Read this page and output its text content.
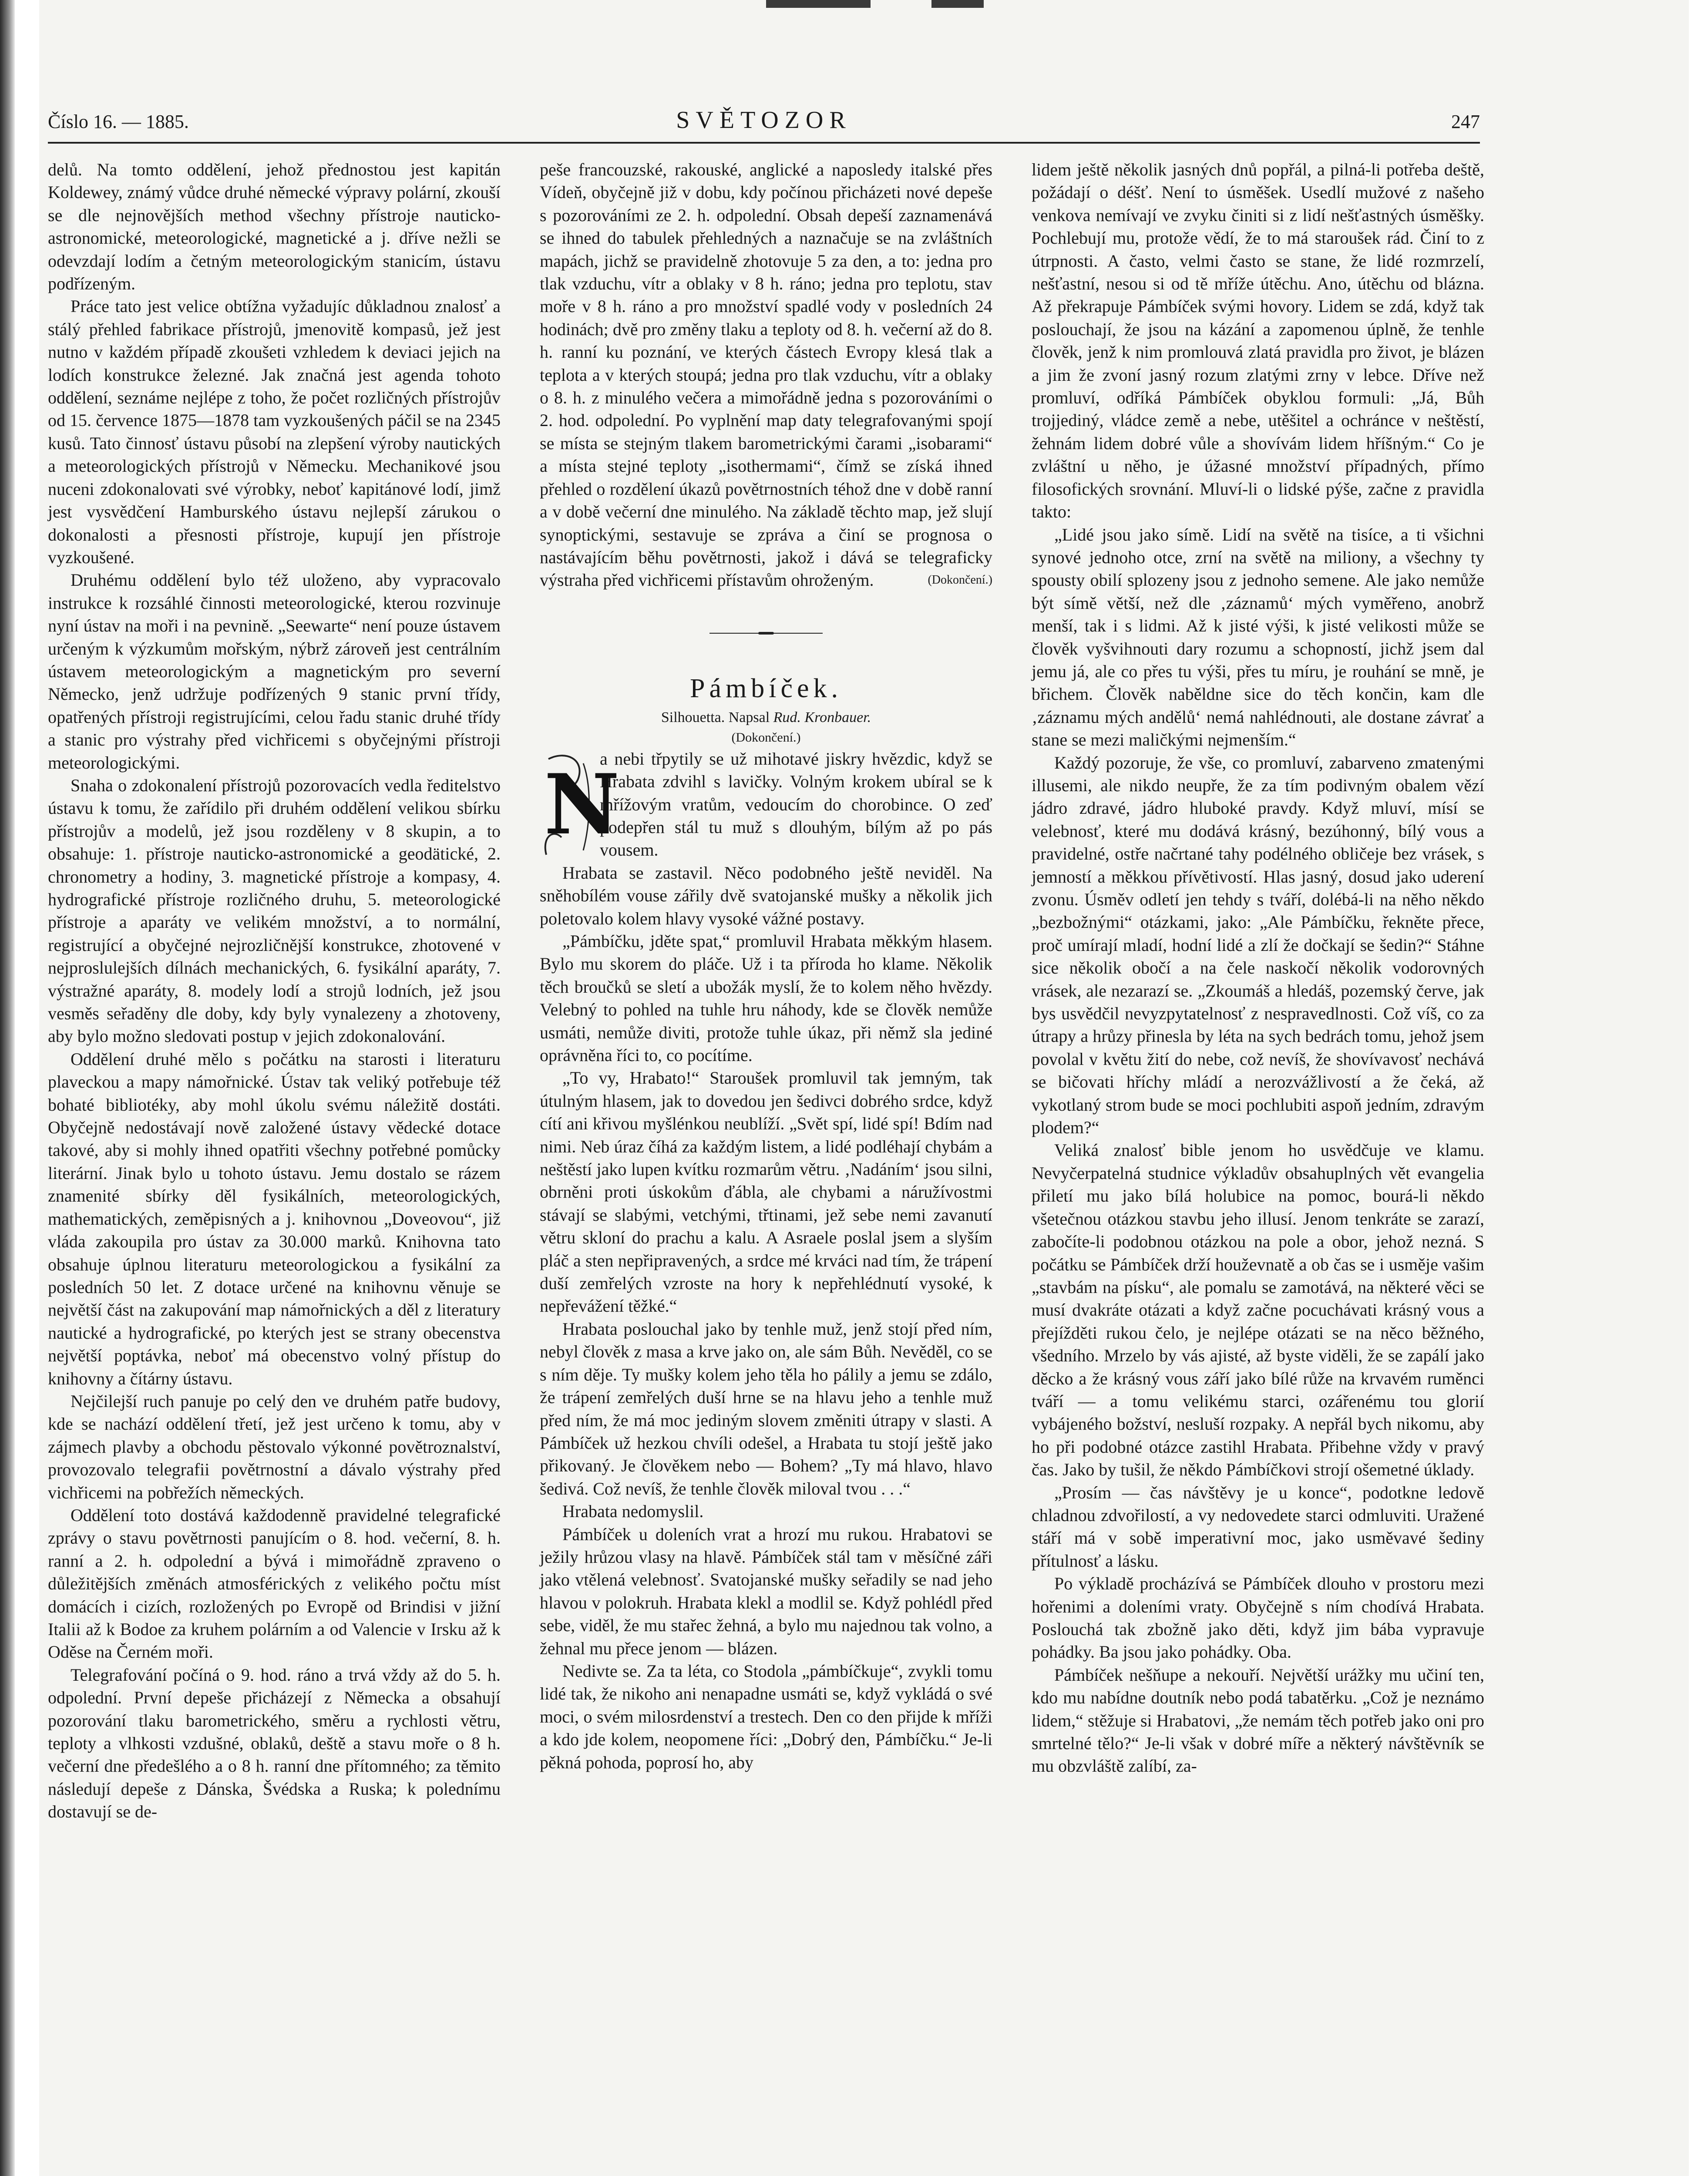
Číslo 16. — 1885.	SVĚTOZOR	247

delů. Na tomto oddělení, jehož přednostou jest kapitán Koldewey, známý vůdce druhé německé výpravy polární, zkouší se dle nejnovějších method všechny přístroje nauticko-astronomické, meteorologické, magnetické a j. dříve nežli se odevzdají lodím a četným meteorologickým stanicím, ústavu podřízeným.

Práce tato jest velice obtížna vyžadujíc důkladnou znalosť a stálý přehled fabrikace přístrojů, jmenovitě kompasů, jež jest nutno v každém případě zkoušeti vzhledem k deviaci jejich na lodích konstrukce železné. Jak značná jest agenda tohoto oddělení, seznáme nejlépe z toho, že počet rozličných přístrojův od 15. července 1875—1878 tam vyzkoušených páčil se na 2345 kusů. Tato činnosť ústavu působí na zlepšení výroby nautických a meteorologických přístrojů v Německu. Mechanikové jsou nuceni zdokonalovati své výrobky, neboť kapitánové lodí, jimž jest vysvědčení Hamburského ústavu nejlepší zárukou o dokonalosti a přesnosti přístroje, kupují jen přístroje vyzkoušené.

Druhému oddělení bylo též uloženo, aby vypracovalo instrukce k rozsáhlé činnosti meteorologické, kterou rozvinuje nyní ústav na moři i na pevnině. „Seewarte“ není pouze ústavem určeným k výzkumům mořským, nýbrž zároveň jest centrálním ústavem meteorologickým a magnetickým pro severní Německo, jenž udržuje podřízených 9 stanic první třídy, opatřených přístroji registrujícími, celou řadu stanic druhé třídy a stanic pro výstrahy před vichřicemi s obyčejnými přístroji meteorologickými.

Snaha o zdokonalení přístrojů pozorovacích vedla ředitelstvo ústavu k tomu, že zařídilo při druhém oddělení velikou sbírku přístrojův a modelů, jež jsou rozděleny v 8 skupin, a to obsahuje: 1. přístroje nauticko-astronomické a geodätické, 2. chronometry a hodiny, 3. magnetické přístroje a kompasy, 4. hydrografické přístroje rozličného druhu, 5. meteorologické přístroje a aparáty ve velikém množství, a to normální, registrující a obyčejné nejrozličnější konstrukce, zhotovené v nejproslulejších dílnách mechanických, 6. fysikální aparáty, 7. výstražné aparáty, 8. modely lodí a strojů lodních, jež jsou vesměs seřaděny dle doby, kdy byly vynalezeny a zhotoveny, aby bylo možno sledovati postup v jejich zdokonalování.

Oddělení druhé mělo s počátku na starosti i literaturu plaveckou a mapy námořnické. Ústav tak veliký potřebuje též bohaté bibliotéky, aby mohl úkolu svému náležitě dostáti. Obyčejně nedostávají nově založené ústavy vědecké dotace takové, aby si mohly ihned opatřiti všechny potřebné pomůcky literární. Jinak bylo u tohoto ústavu. Jemu dostalo se rázem znamenité sbírky děl fysikálních, meteorologických, mathematických, zeměpisných a j. knihovnou „Doveovou“, již vláda zakoupila pro ústav za 30.000 marků. Knihovna tato obsahuje úplnou literaturu meteorologickou a fysikální za posledních 50 let. Z dotace určené na knihovnu věnuje se největší část na zakupování map námořnických a děl z literatury nautické a hydrografické, po kterých jest se strany obecenstva největší poptávka, neboť má obecenstvo volný přístup do knihovny a čítárny ústavu.

Nejčilejší ruch panuje po celý den ve druhém patře budovy, kde se nachází oddělení třetí, jež jest určeno k tomu, aby v zájmech plavby a obchodu pěstovalo výkonné povětroznalství, provozovalo telegrafii povětrnostní a dávalo výstrahy před vichřicemi na pobřežích německých.

Oddělení toto dostává každodenně pravidelné telegrafické zprávy o stavu povětrnosti panujícím o 8. hod. večerní, 8. h. ranní a 2. h. odpolední a bývá i mimořádně zpraveno o důležitějších změnách atmosférických z velikého počtu míst domácích i cizích, rozložených po Evropě od Brindisi v jižní Italii až k Bodoe za kruhem polárním a od Valencie v Irsku až k Oděse na Černém moři.

Telegrafování počíná o 9. hod. ráno a trvá vždy až do 5. h. odpolední. První depeše přicházejí z Německa a obsahují pozorování tlaku barometrického, směru a rychlosti větru, teploty a vlhkosti vzdušné, oblaků, deště a stavu moře o 8 h. večerní dne předešlého a o 8 h. ranní dne přítomného; za těmito následují depeše z Dánska, Švédska a Ruska; k polednímu dostavují se de-

peše francouzské, rakouské, anglické a naposledy italské přes Vídeň, obyčejně již v dobu, kdy počínou přicházeti nové depeše s pozorováními ze 2. h. odpolední. Obsah depeší zaznamenává se ihned do tabulek přehledných a naznačuje se na zvláštních mapách, jichž se pravidelně zhotovuje 5 za den, a to: jedna pro tlak vzduchu, vítr a oblaky v 8 h. ráno; jedna pro teplotu, stav moře v 8 h. ráno a pro množství spadlé vody v posledních 24 hodinách; dvě pro změny tlaku a teploty od 8. h. večerní až do 8. h. ranní ku poznání, ve kterých částech Evropy klesá tlak a teplota a v kterých stoupá; jedna pro tlak vzduchu, vítr a oblaky o 8. h. z minulého večera a mimořádně jedna s pozorováními o 2. hod. odpolední. Po vyplnění map daty telegrafovanými spojí se místa se stejným tlakem barometrickými čarami „isobarami“ a místa stejné teploty „isothermami“, čímž se získá ihned přehled o rozdělení úkazů povětrnostních téhož dne v době ranní a v době večerní dne minulého. Na základě těchto map, jež slují synoptickými, sestavuje se zpráva a činí se prognosa o nastávajícím běhu povětrnosti, jakož i dává se telegraficky výstraha před vichřicemi přístavům ohroženým.	(Dokončení.)

Pámbíček.

Silhouetta. Napsal Rud. Kronbauer.

(Dokončení.)

N
a nebi třpytily se už mihotavé jiskry hvězdic, když se Hrabata zdvihl s lavičky. Volným krokem ubíral se k mřížovým vratům, vedoucím do chorobince. O zeď podepřen stál tu muž s dlouhým, bílým až po pás vousem.

Hrabata se zastavil. Něco podobného ještě neviděl. Na sněhobílém vouse zářily dvě svatojanské mušky a několik jich poletovalo kolem hlavy vysoké vážné postavy.

„Pámbíčku, jděte spat,“ promluvil Hrabata měkkým hlasem. Bylo mu skorem do pláče. Už i ta příroda ho klame. Několik těch broučků se sletí a ubožák myslí, že to kolem něho hvězdy. Velebný to pohled na tuhle hru náhody, kde se člověk nemůže usmáti, nemůže diviti, protože tuhle úkaz, při němž sla jediné oprávněna říci to, co pocítíme.

„To vy, Hrabato!“ Staroušek promluvil tak jemným, tak útulným hlasem, jak to dovedou jen šedivci dobrého srdce, když cítí ani křivou myšlénkou neublíží. „Svět spí, lidé spí! Bdím nad nimi. Neb úraz číhá za každým listem, a lidé podléhají chybám a neštěstí jako lupen kvítku rozmarům větru. ‚Nadáním‘ jsou silni, obrněni proti úskokům ďábla, ale chybami a náružívostmi stávají se slabými, vetchými, třtinami, jež sebe nemi zavanutí větru skloní do prachu a kalu. A Asraele poslal jsem a slyším pláč a sten nepřipravených, a srdce mé krváci nad tím, že trápení duší zemřelých vzroste na hory k nepřehlédnutí vysoké, k nepřevážení těžké.“

Hrabata poslouchal jako by tenhle muž, jenž stojí před ním, nebyl člověk z masa a krve jako on, ale sám Bůh. Nevěděl, co se s ním děje. Ty mušky kolem jeho těla ho pálily a jemu se zdálo, že trápení zemřelých duší hrne se na hlavu jeho a tenhle muž před ním, že má moc jediným slovem změniti útrapy v slasti. A Pámbíček už hezkou chvíli odešel, a Hrabata tu stojí ještě jako přikovaný. Je člověkem nebo — Bohem? „Ty má hlavo, hlavo šedivá. Což nevíš, že tenhle člověk miloval tvou . . .“

Hrabata nedomyslil.

Pámbíček u doleních vrat a hrozí mu rukou. Hrabatovi se ježily hrůzou vlasy na hlavě. Pámbíček stál tam v měsíčné záři jako vtělená velebnosť. Svatojanské mušky seřadily se nad jeho hlavou v polokruh. Hrabata klekl a modlil se. Když pohlédl před sebe, viděl, že mu stařec žehná, a bylo mu najednou tak volno, a žehnal mu přece jenom — blázen.

Nedivte se. Za ta léta, co Stodola „pámbíčkuje“, zvykli tomu lidé tak, že nikoho ani nenapadne usmáti se, když vykládá o své moci, o svém milosrdenství a trestech. Den co den přijde k mříži a kdo jde kolem, neopomene říci: „Dobrý den, Pámbíčku.“ Je-li pěkná pohoda, poprosí ho, aby

lidem ještě několik jasných dnů popřál, a pilná-li potřeba deště, požádají o déšť. Není to úsměšek. Usedlí mužové z našeho venkova nemívají ve zvyku činiti si z lidí nešťastných úsměšky. Pochlebují mu, protože vědí, že to má staroušek rád. Činí to z útrpnosti. A často, velmi často se stane, že lidé rozmrzelí, nešťastní, nesou si od tě mříže útěchu. Ano, útěchu od blázna. Až překrapuje Pámbíček svými hovory. Lidem se zdá, když tak poslouchají, že jsou na kázání a zapomenou úplně, že tenhle člověk, jenž k nim promlouvá zlatá pravidla pro život, je blázen a jim že zvoní jasný rozum zlatými zrny v lebce. Dříve než promluví, odříká Pámbíček obyklou formuli: „Já, Bůh trojjediný, vládce země a nebe, utěšitel a ochránce v neštěstí, žehnám lidem dobré vůle a shovívám lidem hříšným.“ Co je zvláštní u něho, je úžasné množství případných, přímo filosofických srovnání. Mluví-li o lidské pýše, začne z pravidla takto:

„Lidé jsou jako símě. Lidí na světě na tisíce, a ti všichni synové jednoho otce, zrní na světě na miliony, a všechny ty spousty obilí splozeny jsou z jednoho semene. Ale jako nemůže být símě větší, než dle ‚záznamů‘ mých vyměřeno, anobrž menší, tak i s lidmi. Až k jisté výši, k jisté velikosti může se člověk vyšvihnouti dary rozumu a schopností, jichž jsem dal jemu já, ale co přes tu výši, přes tu míru, je rouhání se mně, je břichem. Člověk naběldne sice do těch končin, kam dle ‚záznamu mých andělů‘ nemá nahlédnouti, ale dostane závrať a stane se mezi maličkými nejmenším.“

Každý pozoruje, že vše, co promluví, zabarveno zmatenými illusemi, ale nikdo neupře, že za tím podivným obalem vězí jádro zdravé, jádro hluboké pravdy. Když mluví, mísí se velebnosť, které mu dodává krásný, bezúhonný, bílý vous a pravidelné, ostře načrtané tahy podélného obličeje bez vrásek, s jemností a měkkou přívětivostí. Hlas jasný, dosud jako uderení zvonu. Úsměv odletí jen tehdy s tváří, dolébá-li na něho někdo „bezbožnými“ otázkami, jako: „Ale Pámbíčku, řekněte přece, proč umírají mladí, hodní lidé a zlí že dočkají se šedin?“ Stáhne sice několik obočí a na čele naskočí několik vodorovných vrásek, ale nezarazí se. „Zkoumáš a hledáš, pozemský červe, jak bys usvědčil nevyzpytatelnosť z nespravedlnosti. Což víš, co za útrapy a hrůzy přinesla by léta na sych bedrách tomu, jehož jsem povolal v květu žití do nebe, což nevíš, že shovívavosť nechává se bičovati hříchy mládí a nerozvážlivostí a že čeká, až vykotlaný strom bude se moci pochlubiti aspoň jedním, zdravým plodem?“

Veliká znalosť bible jenom ho usvědčuje ve klamu. Nevyčerpatelná studnice výkladův obsahuplných vět evangelia přiletí mu jako bílá holubice na pomoc, bourá-li někdo všetečnou otázkou stavbu jeho illusí. Jenom tenkráte se zarazí, zabočíte-li podobnou otázkou na pole a obor, jehož nezná. S počátku se Pámbíček drží houževnatě a ob čas se i usměje vašim „stavbám na písku“, ale pomalu se zamotává, na některé věci se musí dvakráte otázati a když začne pocuchávati krásný vous a přejížděti rukou čelo, je nejlépe otázati se na něco běžného, všedního. Mrzelo by vás ajisté, až byste viděli, že se zapálí jako děcko a že krásný vous září jako bílé růže na krvavém ruměnci tváří — a tomu velikému starci, ozářenému tou glorií vybájeného božství, nesluší rozpaky. A nepřál bych nikomu, aby ho při podobné otázce zastihl Hrabata. Přibehne vždy v pravý čas. Jako by tušil, že někdo Pámbíčkovi strojí ošemetné úklady.

„Prosím — čas návštěvy je u konce“, podotkne ledově chladnou zdvořilostí, a vy nedovedete starci odmluviti. Uražené stáří má v sobě imperativní moc, jako usměvavé šediny přítulnosť a lásku.

Po výkladě procházívá se Pámbíček dlouho v prostoru mezi hořenimi a doleními vraty. Obyčejně s ním chodívá Hrabata. Poslouchá tak zbožně jako děti, když jim bába vypravuje pohádky. Ba jsou jako pohádky. Oba.

Pámbíček nešňupe a nekouří. Největší urážky mu učiní ten, kdo mu nabídne doutník nebo podá tabatěrku. „Což je neznámo lidem,“ stěžuje si Hrabatovi, „že nemám těch potřeb jako oni pro smrtelné tělo?“ Je-li však v dobré míře a některý návštěvník se mu obzvláště zalíbí, za-
